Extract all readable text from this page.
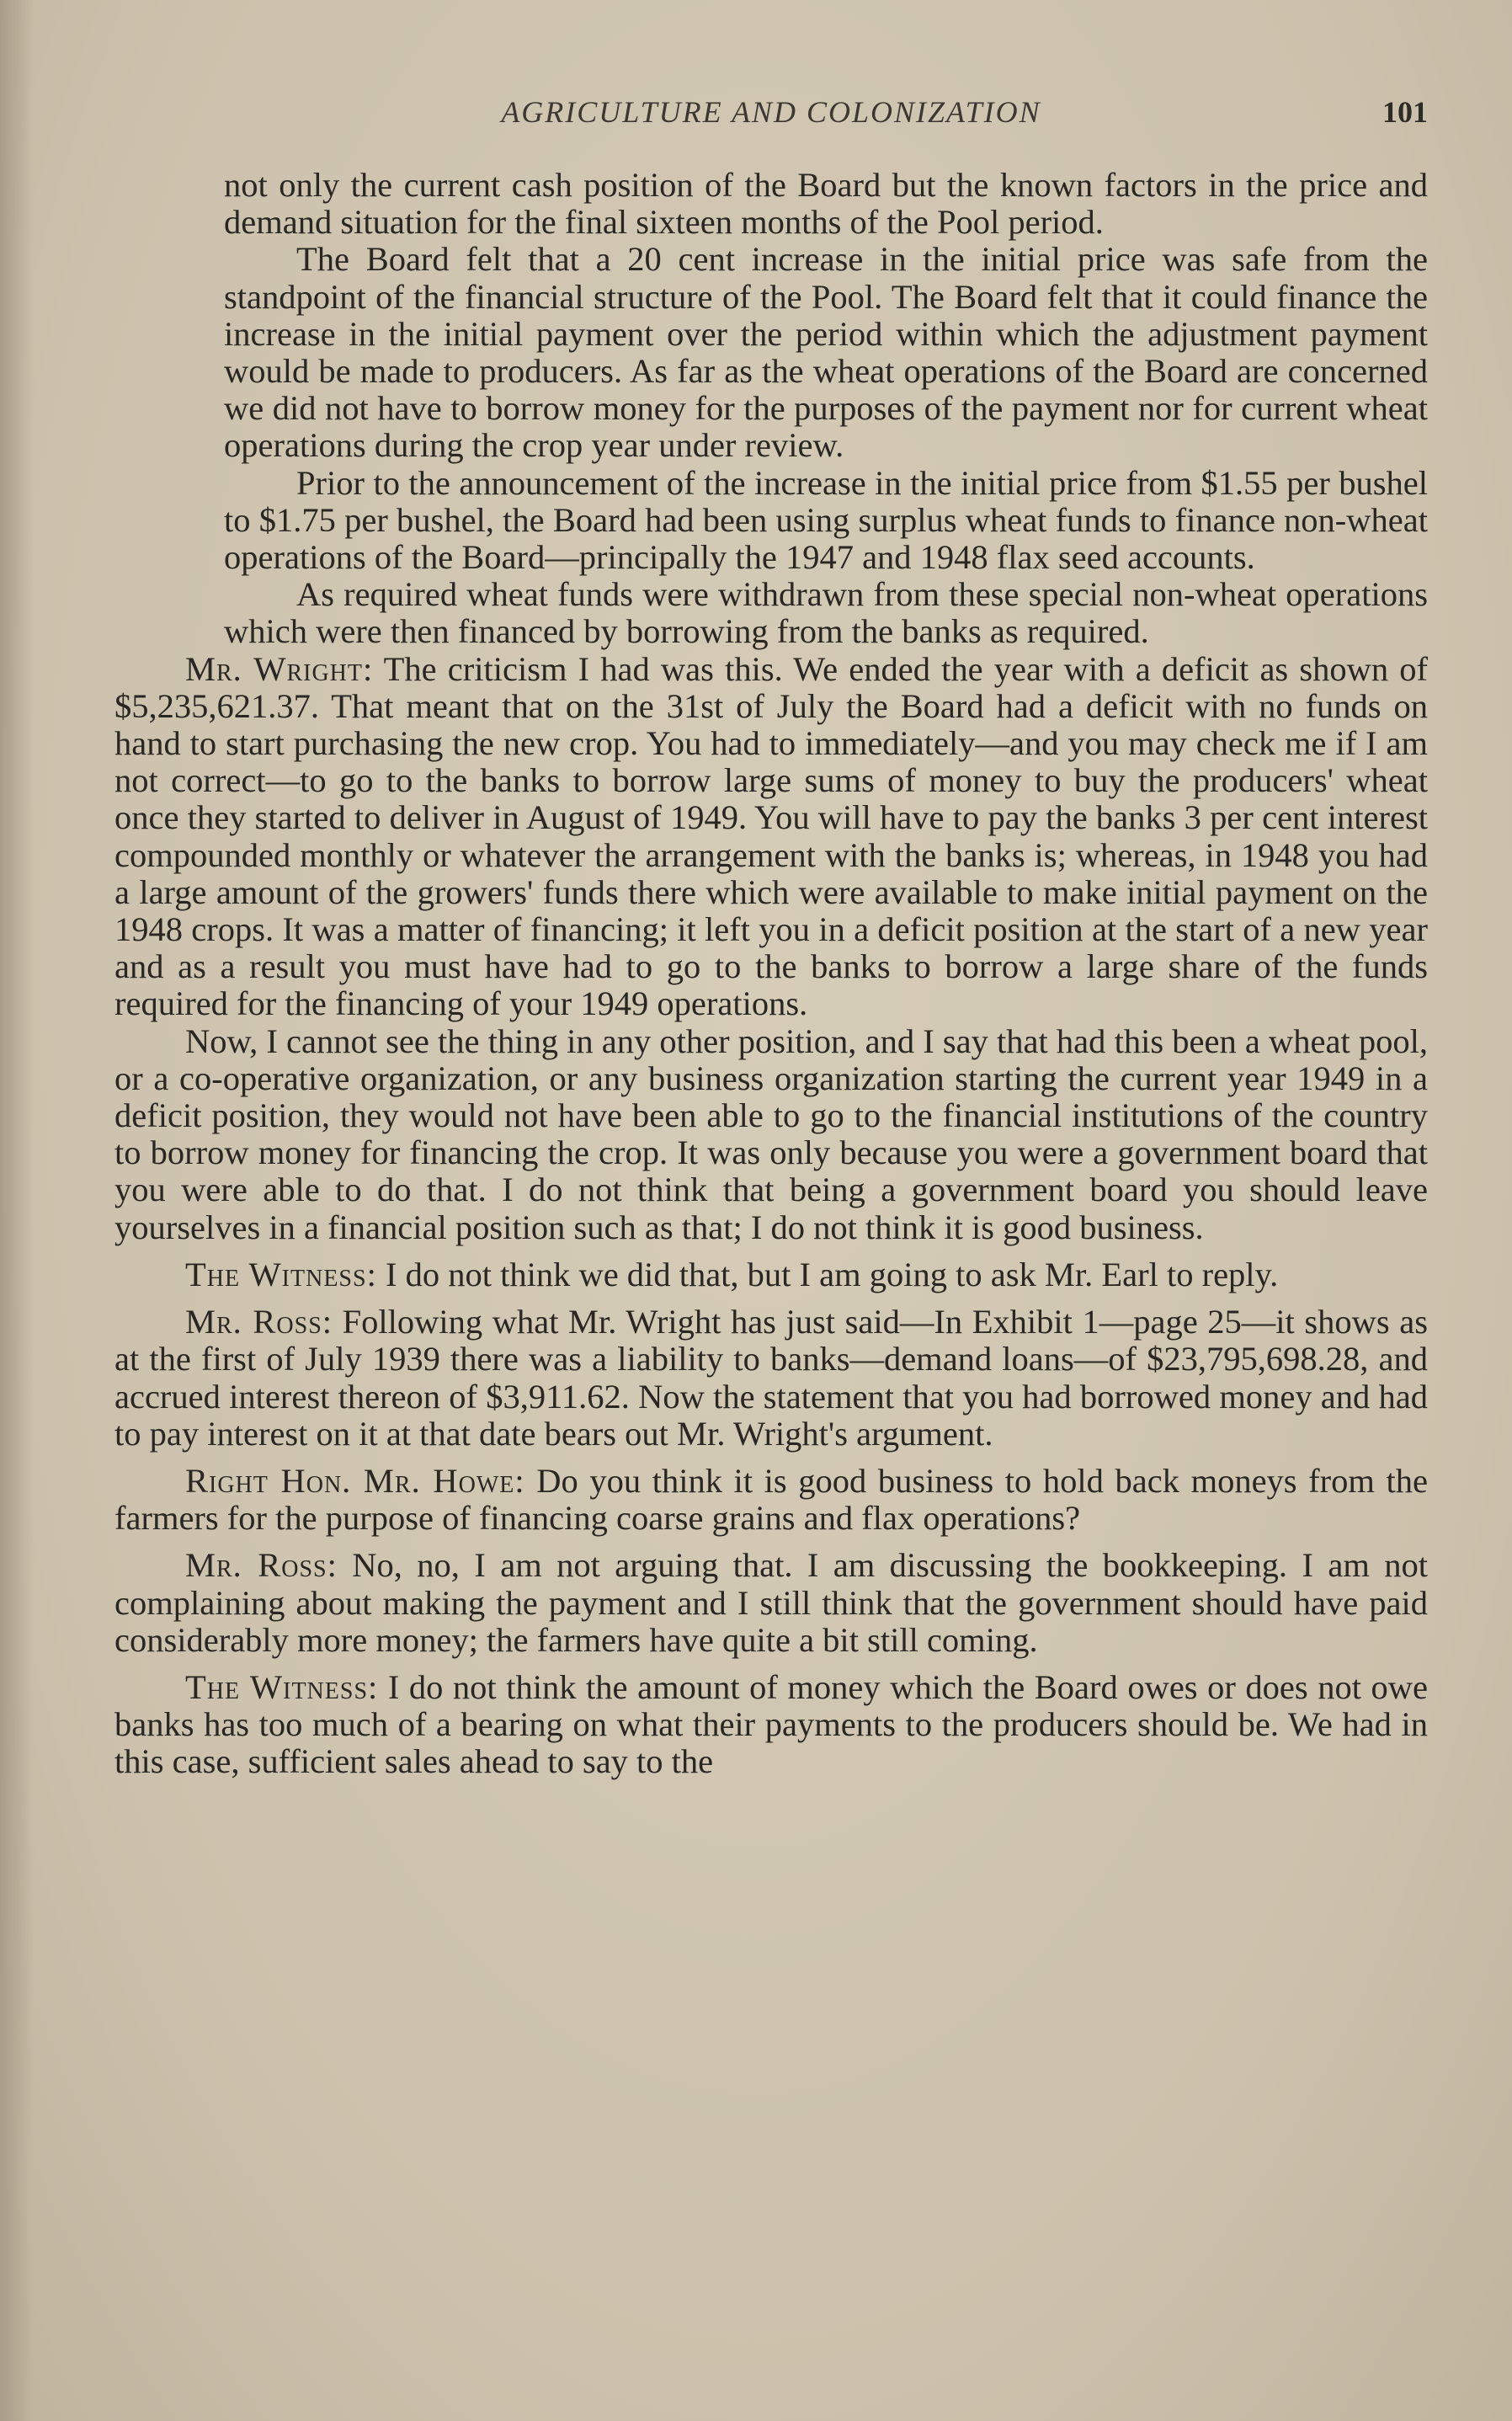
AGRICULTURE AND COLONIZATION	101

not only the current cash position of the Board but the known factors in the price and demand situation for the final sixteen months of the Pool period.

The Board felt that a 20 cent increase in the initial price was safe from the standpoint of the financial structure of the Pool. The Board felt that it could finance the increase in the initial payment over the period within which the adjustment payment would be made to producers. As far as the wheat operations of the Board are concerned we did not have to borrow money for the purposes of the payment nor for current wheat operations during the crop year under review.

Prior to the announcement of the increase in the initial price from $1.55 per bushel to $1.75 per bushel, the Board had been using surplus wheat funds to finance non-wheat operations of the Board—principally the 1947 and 1948 flax seed accounts.

As required wheat funds were withdrawn from these special non-wheat operations which were then financed by borrowing from the banks as required.

Mr. Wright: The criticism I had was this. We ended the year with a deficit as shown of $5,235,621.37. That meant that on the 31st of July the Board had a deficit with no funds on hand to start purchasing the new crop. You had to immediately—and you may check me if I am not correct—to go to the banks to borrow large sums of money to buy the producers' wheat once they started to deliver in August of 1949. You will have to pay the banks 3 per cent interest compounded monthly or whatever the arrangement with the banks is; whereas, in 1948 you had a large amount of the growers' funds there which were available to make initial payment on the 1948 crops. It was a matter of financing; it left you in a deficit position at the start of a new year and as a result you must have had to go to the banks to borrow a large share of the funds required for the financing of your 1949 operations.

Now, I cannot see the thing in any other position, and I say that had this been a wheat pool, or a co-operative organization, or any business organization starting the current year 1949 in a deficit position, they would not have been able to go to the financial institutions of the country to borrow money for financing the crop. It was only because you were a government board that you were able to do that. I do not think that being a government board you should leave yourselves in a financial position such as that; I do not think it is good business.

The Witness: I do not think we did that, but I am going to ask Mr. Earl to reply.

Mr. Ross: Following what Mr. Wright has just said—In Exhibit 1—page 25—it shows as at the first of July 1939 there was a liability to banks—demand loans—of $23,795,698.28, and accrued interest thereon of $3,911.62. Now the statement that you had borrowed money and had to pay interest on it at that date bears out Mr. Wright's argument.

Right Hon. Mr. Howe: Do you think it is good business to hold back moneys from the farmers for the purpose of financing coarse grains and flax operations?

Mr. Ross: No, no, I am not arguing that. I am discussing the bookkeeping. I am not complaining about making the payment and I still think that the government should have paid considerably more money; the farmers have quite a bit still coming.

The Witness: I do not think the amount of money which the Board owes or does not owe banks has too much of a bearing on what their payments to the producers should be. We had in this case, sufficient sales ahead to say to the
